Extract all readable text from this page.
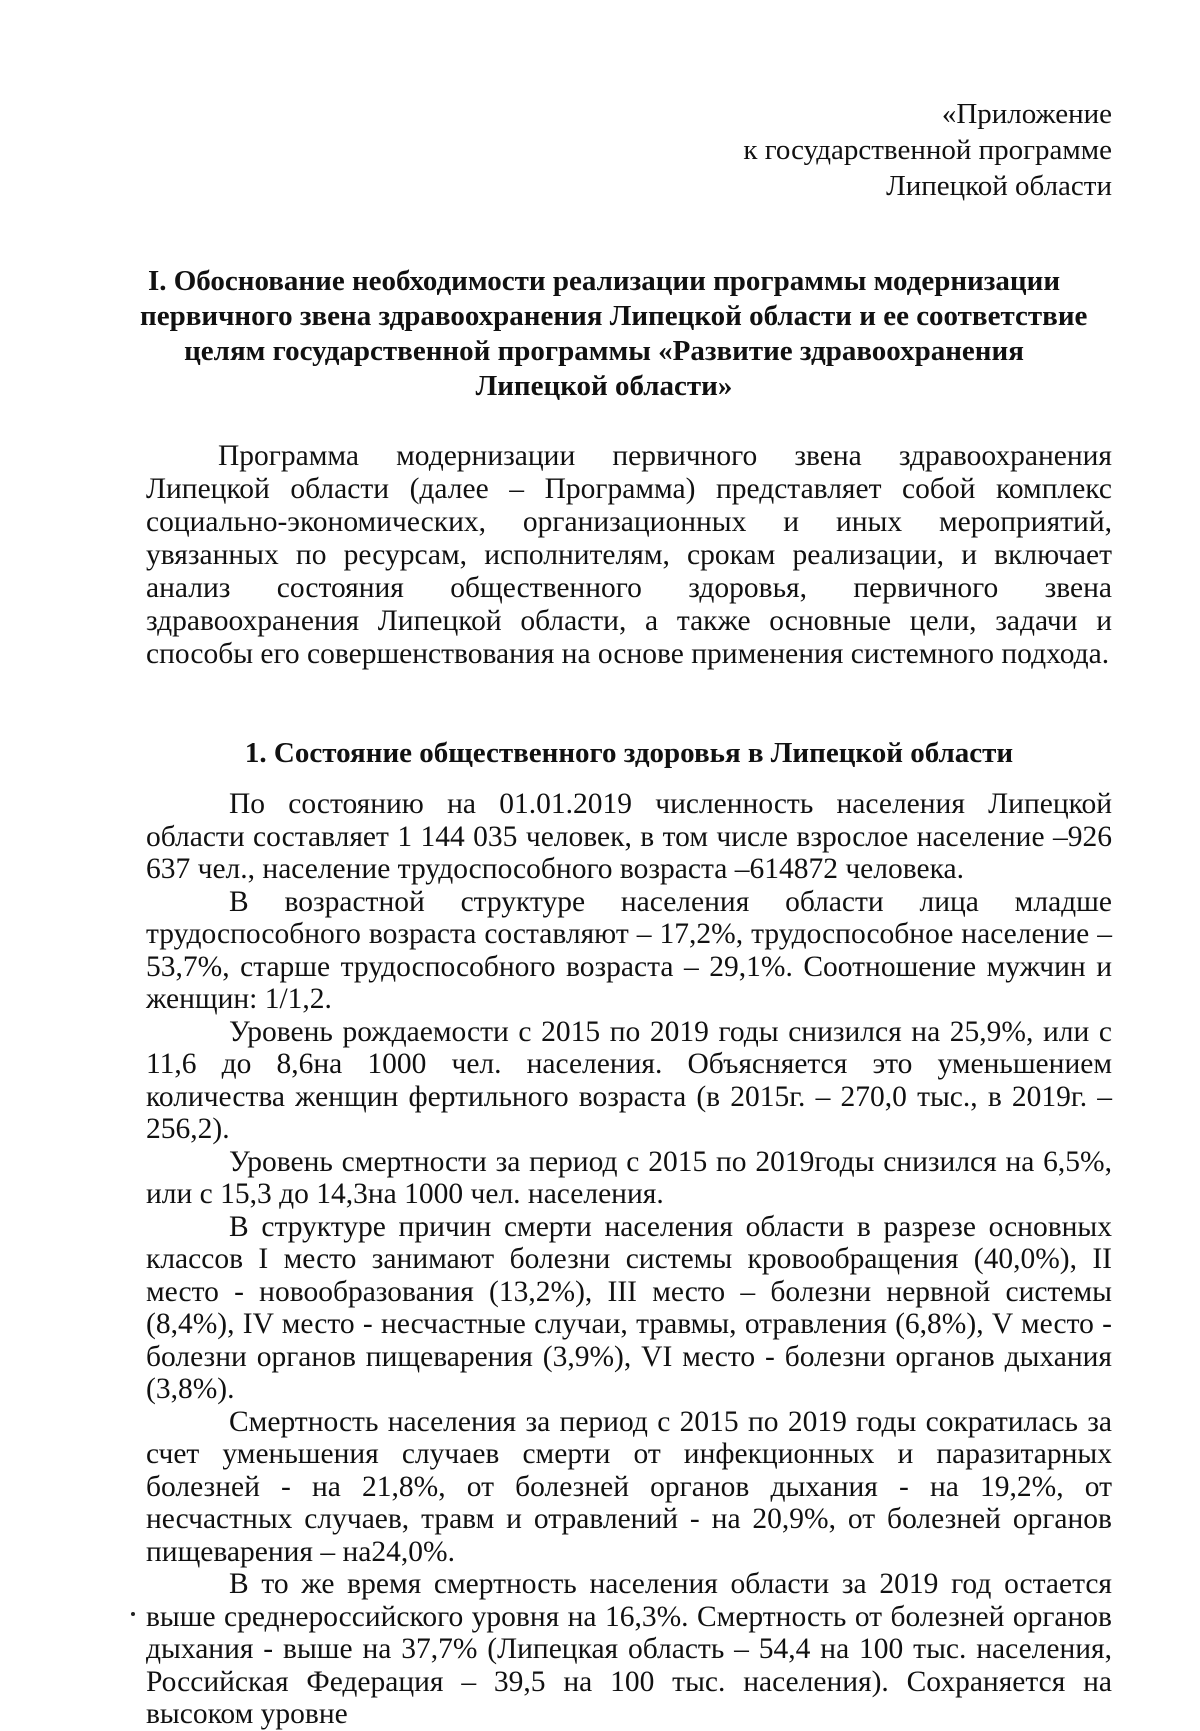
«Приложение
к государственной программе
Липецкой области
I. Обоснование необходимости реализации программы модернизации
первичного звена здравоохранения Липецкой области и ее соответствие
целям государственной программы «Развитие здравоохранения
Липецкой области»

Программа модернизации первичного звена здравоохранения Липецкой области (далее – Программа) представляет собой комплекс социально-экономических, организационных и иных мероприятий, увязанных по ресурсам, исполнителям, срокам реализации, и включает анализ состояния общественного здоровья, первичного звена здравоохранения Липецкой области, а также основные цели, задачи и способы его совершенствования на основе применения системного подхода.

1. Состояние общественного здоровья в Липецкой области

По состоянию на 01.01.2019 численность населения Липецкой области составляет 1 144 035 человек, в том числе взрослое население –926 637 чел., население трудоспособного возраста –614872 человека.

В возрастной структуре населения области лица младше трудоспособного возраста составляют – 17,2%, трудоспособное население – 53,7%, старше трудоспособного возраста – 29,1%. Соотношение мужчин и женщин: 1/1,2.

Уровень рождаемости с 2015 по 2019 годы снизился на 25,9%, или с 11,6 до 8,6на 1000 чел. населения. Объясняется это уменьшением количества женщин фертильного возраста (в 2015г. – 270,0 тыс., в 2019г. – 256,2).

Уровень смертности за период с 2015 по 2019годы снизился на 6,5%, или с 15,3 до 14,3на 1000 чел. населения.

В структуре причин смерти населения области в разрезе основных классов I место занимают болезни системы кровообращения (40,0%), II место - новообразования (13,2%), III место – болезни нервной системы (8,4%), IV место - несчастные случаи, травмы, отравления (6,8%), V место - болезни органов пищеварения (3,9%), VI место - болезни органов дыхания (3,8%).

Смертность населения за период с 2015 по 2019 годы сократилась за счет уменьшения случаев смерти от инфекционных и паразитарных болезней - на 21,8%, от болезней органов дыхания - на 19,2%, от несчастных случаев, травм и отравлений - на 20,9%, от болезней органов пищеварения – на24,0%.

В то же время смертность населения области за 2019 год остается выше среднероссийского уровня на 16,3%. Смертность от болезней органов дыхания - выше на 37,7% (Липецкая область – 54,4 на 100 тыс. населения, Российская Федерация – 39,5 на 100 тыс. населения). Сохраняется на высоком уровне
